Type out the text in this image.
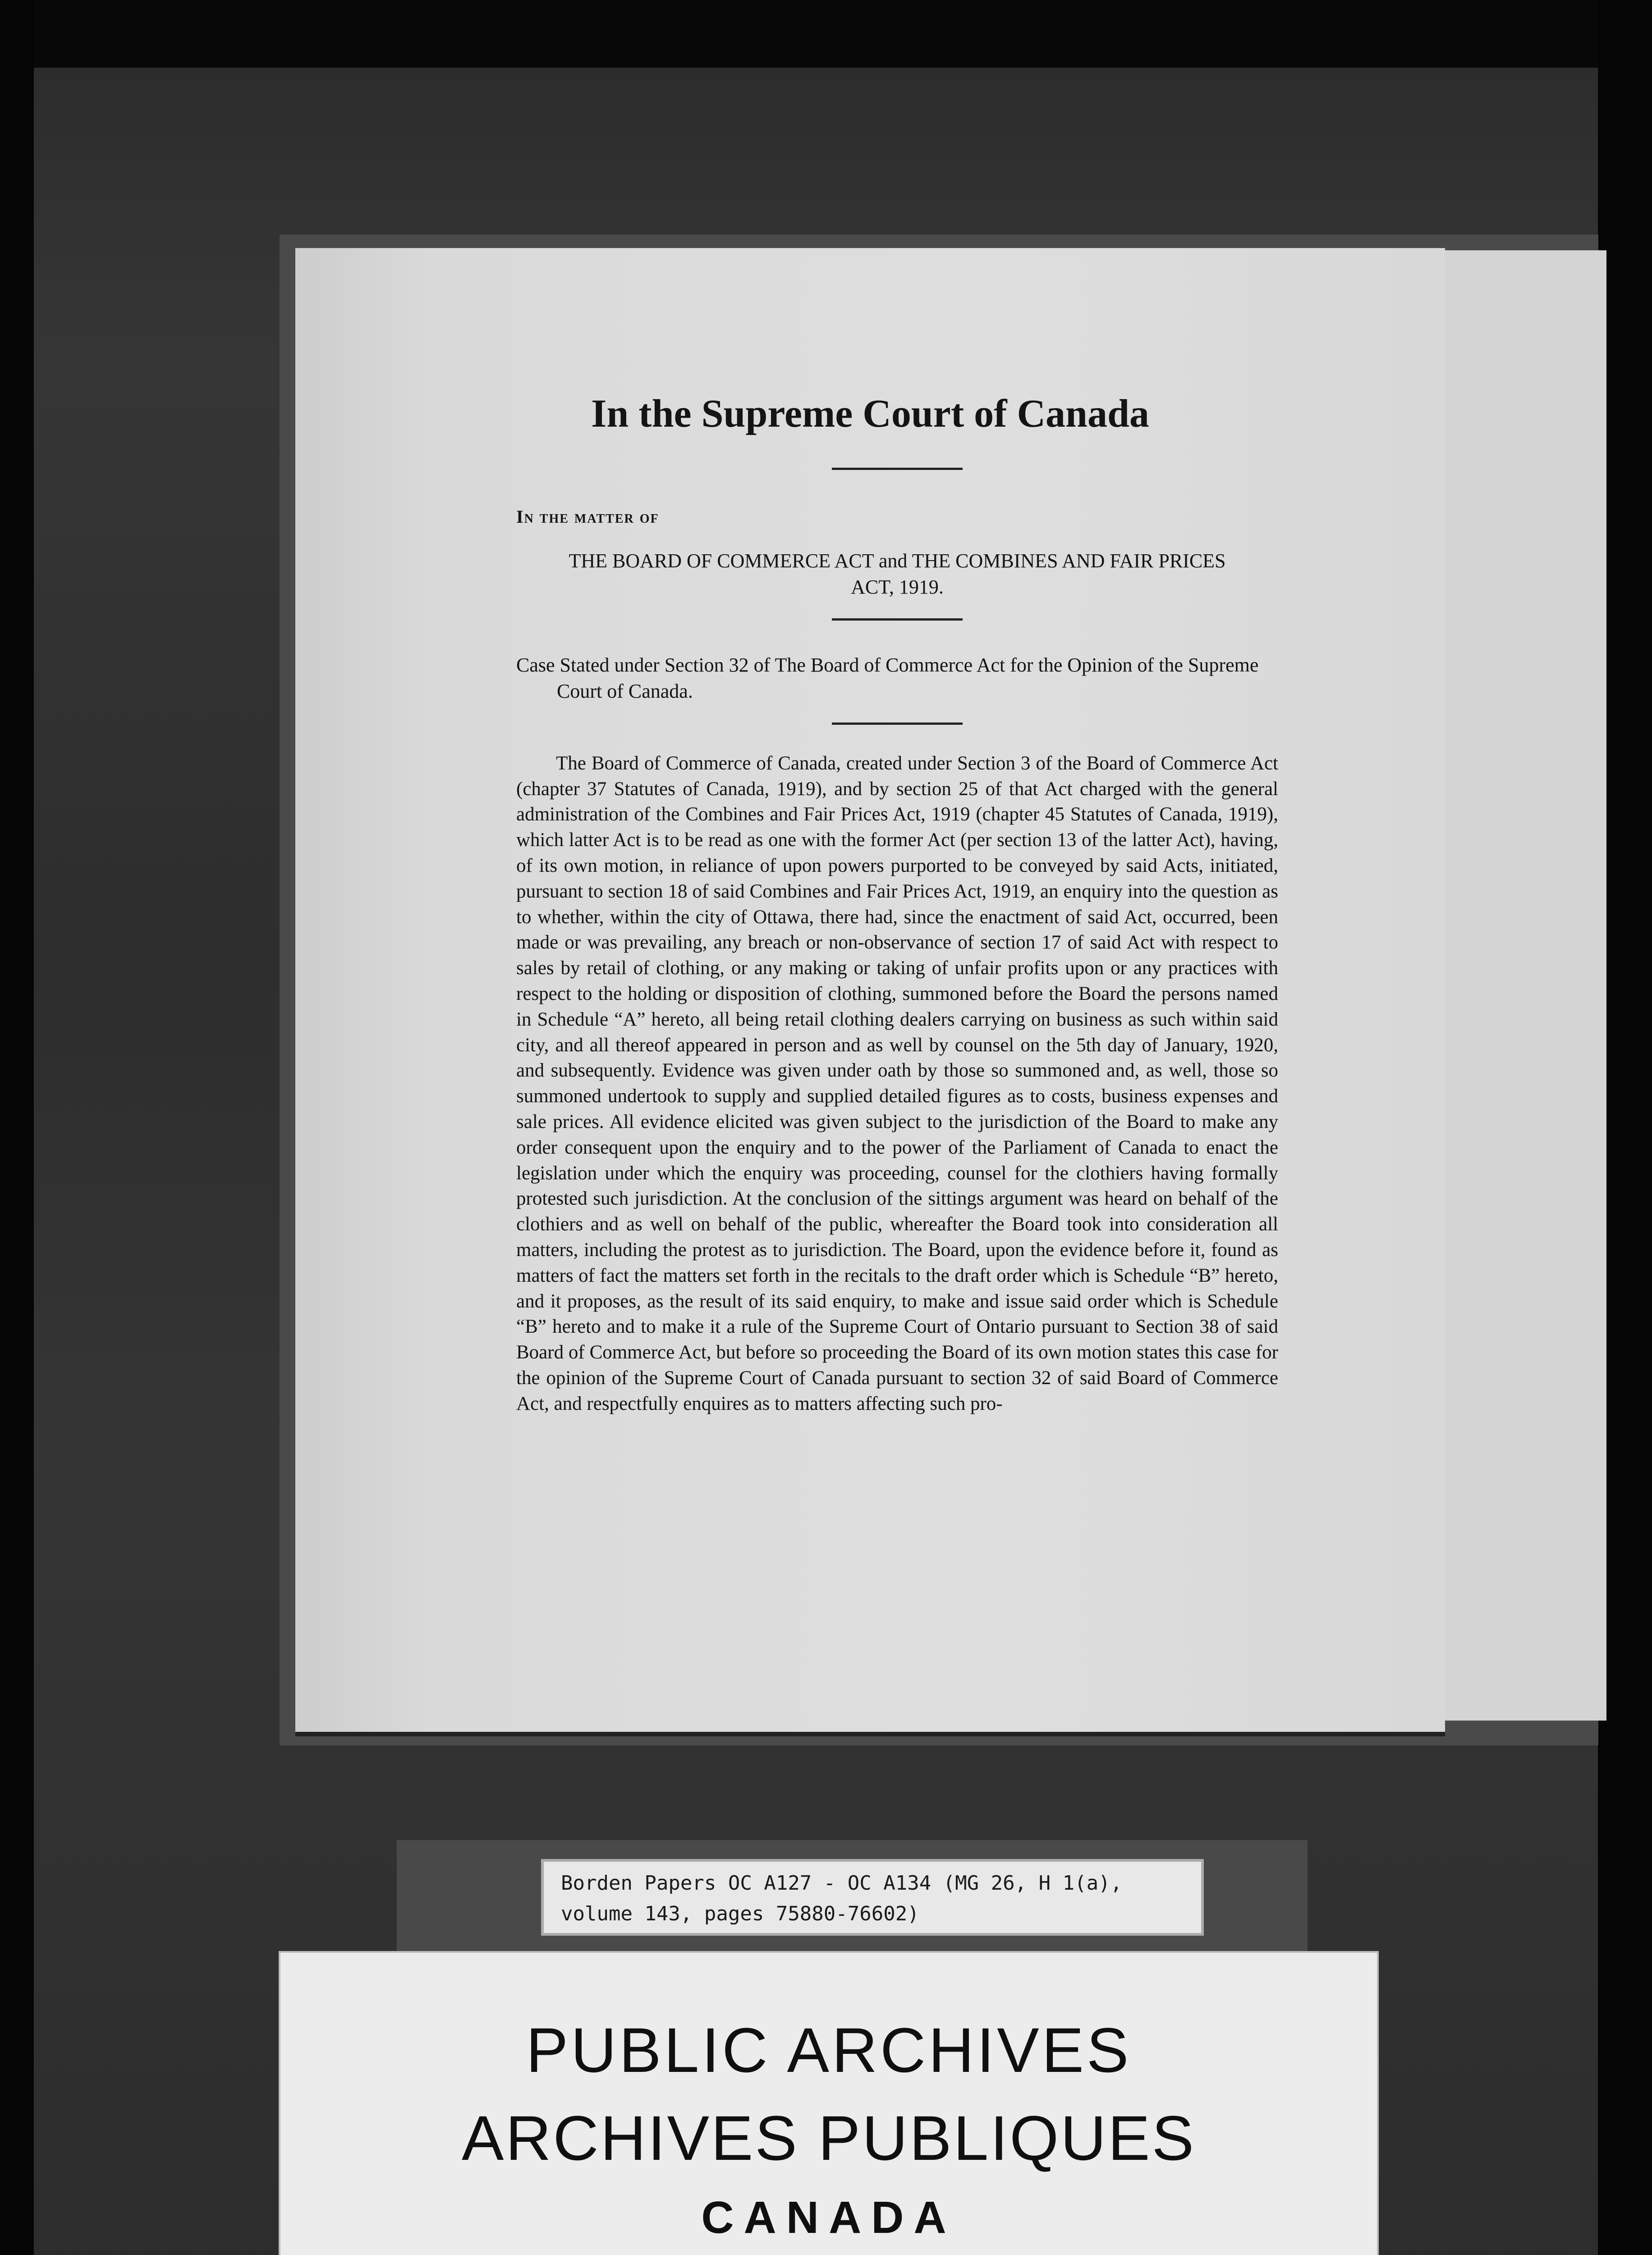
In the Supreme Court of Canada
In the matter of
THE BOARD OF COMMERCE ACT and THE COMBINES AND FAIR PRICES
ACT, 1919.
Case Stated under Section 32 of The Board of Commerce Act for the Opinion of the Supreme Court of Canada.

The Board of Commerce of Canada, created under Section 3 of the Board of Commerce Act (chapter 37 Statutes of Canada, 1919), and by section 25 of that Act charged with the general administration of the Combines and Fair Prices Act, 1919 (chapter 45 Statutes of Canada, 1919), which latter Act is to be read as one with the former Act (per section 13 of the latter Act), having, of its own motion, in reliance of upon powers purported to be conveyed by said Acts, initiated, pursuant to section 18 of said Combines and Fair Prices Act, 1919, an enquiry into the question as to whether, within the city of Ottawa, there had, since the enactment of said Act, occurred, been made or was prevailing, any breach or non-observance of section 17 of said Act with respect to sales by retail of clothing, or any making or taking of unfair profits upon or any practices with respect to the holding or disposition of clothing, summoned before the Board the persons named in Schedule “A” hereto, all being retail clothing dealers carrying on business as such within said city, and all thereof appeared in person and as well by counsel on the 5th day of January, 1920, and subsequently. Evidence was given under oath by those so summoned and, as well, those so summoned undertook to supply and supplied detailed figures as to costs, business expenses and sale prices. All evidence elicited was given subject to the jurisdiction of the Board to make any order consequent upon the enquiry and to the power of the Parliament of Canada to enact the legislation under which the enquiry was proceeding, counsel for the clothiers having formally protested such jurisdiction. At the conclusion of the sittings argument was heard on behalf of the clothiers and as well on behalf of the public, whereafter the Board took into consideration all matters, including the protest as to jurisdiction. The Board, upon the evidence before it, found as matters of fact the matters set forth in the recitals to the draft order which is Schedule “B” hereto, and it proposes, as the result of its said enquiry, to make and issue said order which is Schedule “B” hereto and to make it a rule of the Supreme Court of Ontario pursuant to Section 38 of said Board of Commerce Act, but before so proceeding the Board of its own motion states this case for the opinion of the Supreme Court of Canada pursuant to section 32 of said Board of Commerce Act, and respectfully enquires as to matters affecting such pro-

Borden Papers OC A127 - OC A134 (MG 26, H 1(a),
volume 143, pages 75880-76602)
PUBLIC ARCHIVES
ARCHIVES PUBLIQUES
CANADA
